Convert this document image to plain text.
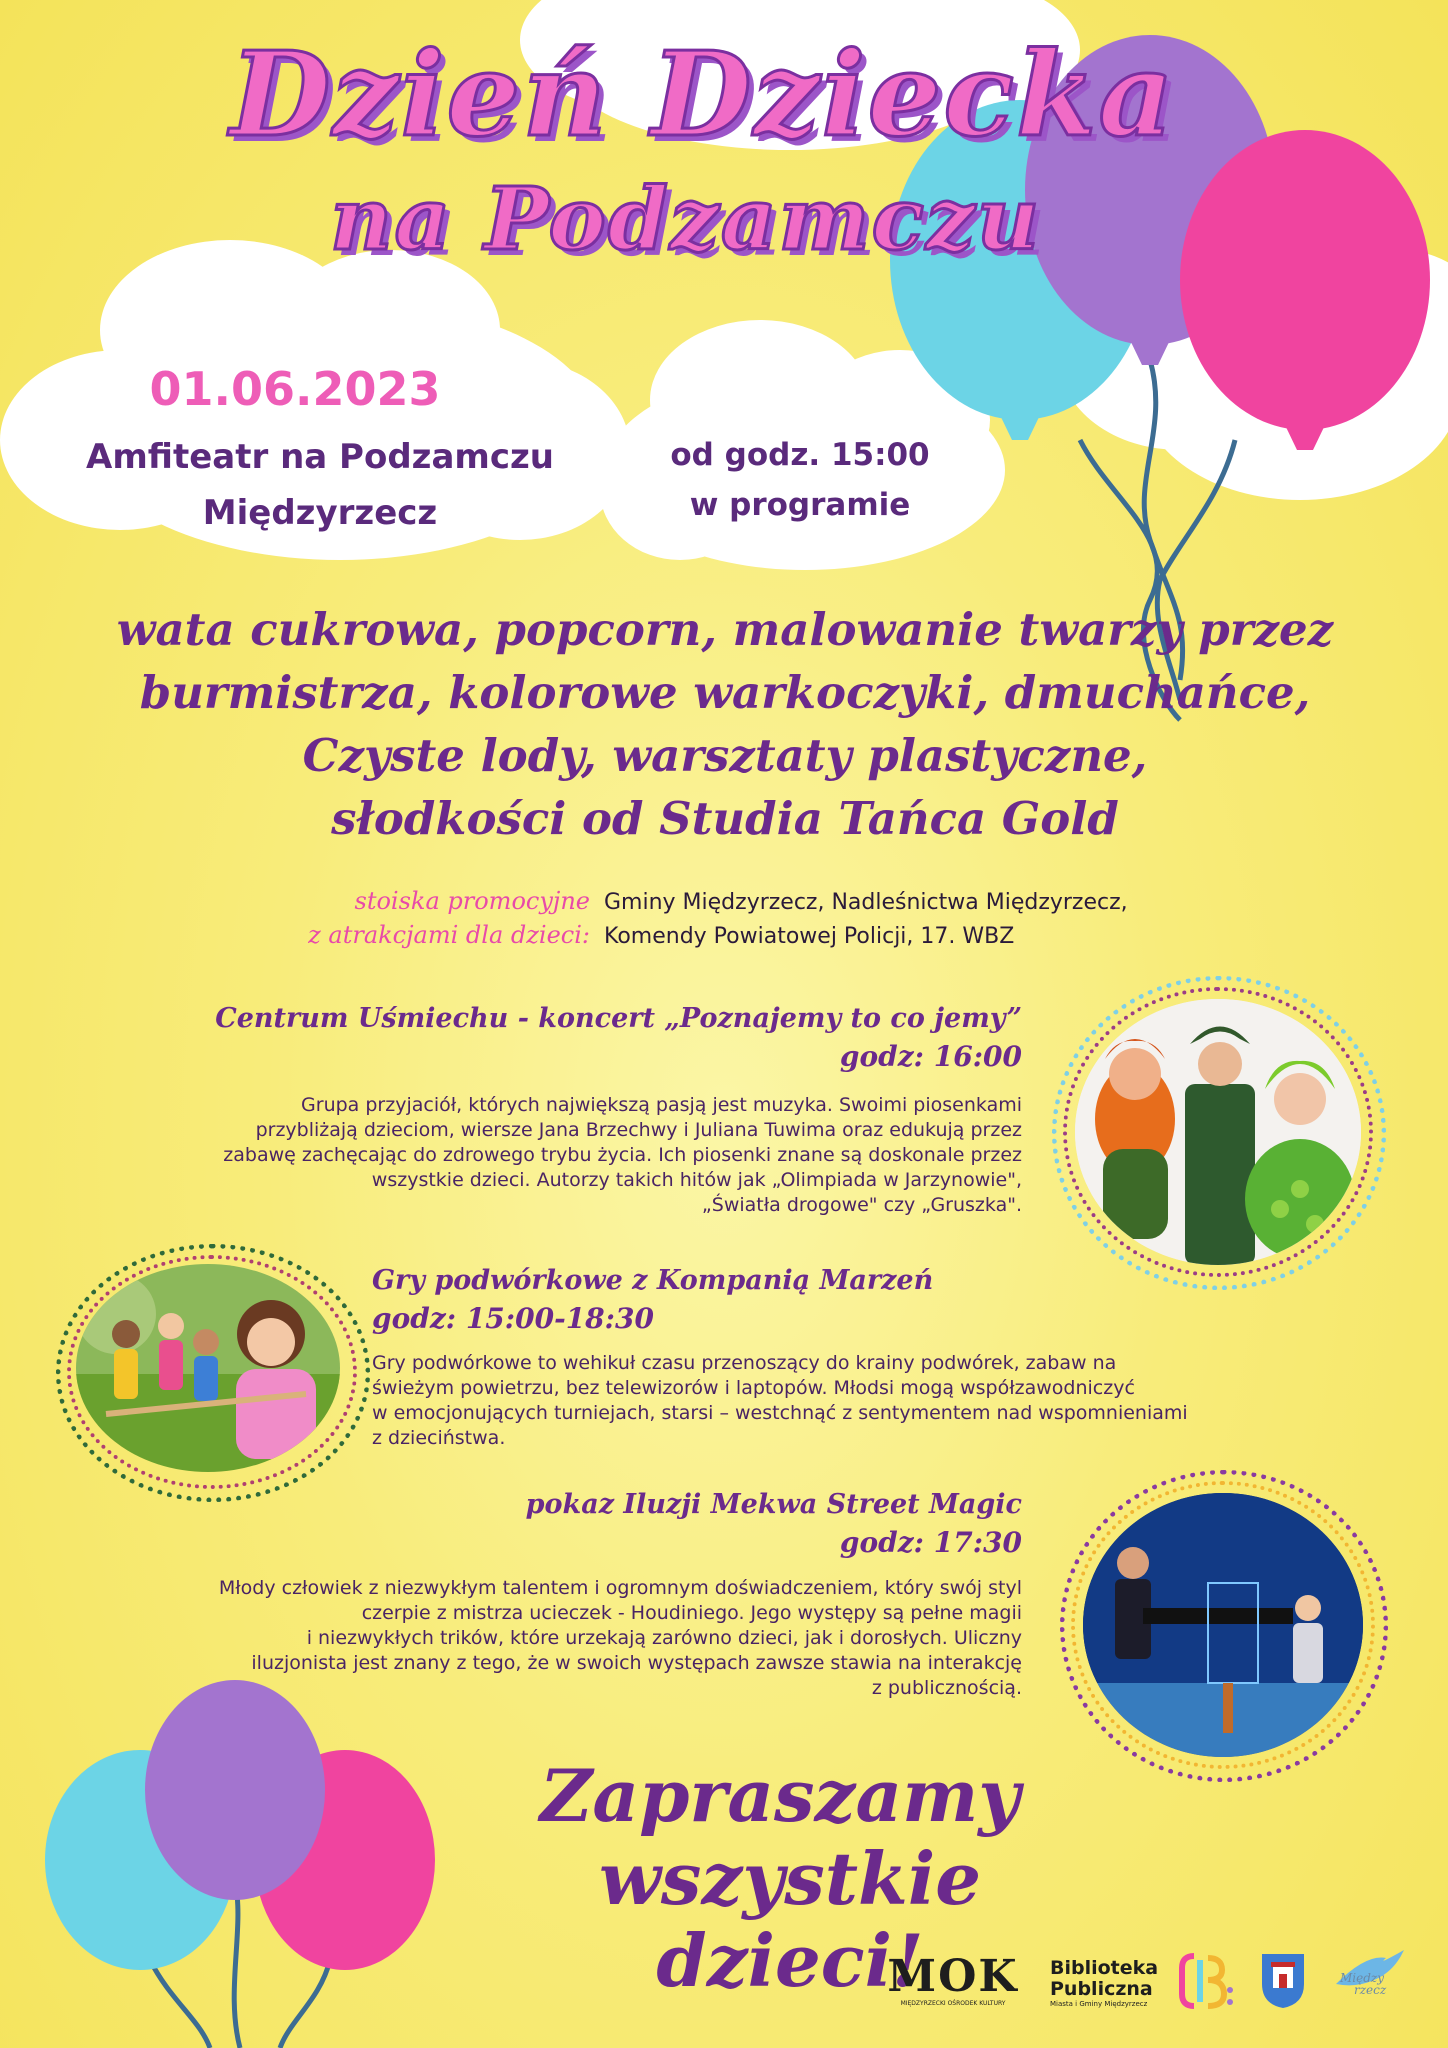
Dzień Dziecka
na Podzamczu
01.06.2023
Amfiteatr na Podzamczu
Międzyrzecz
od godz. 15:00
w programie
wata cukrowa, popcorn, malowanie twarzy przez
burmistrza, kolorowe warkoczyki, dmuchańce,
Czyste lody, warsztaty plastyczne,
słodkości od Studia Tańca Gold
stoiska promocyjne
z atrakcjami dla dzieci:
Gminy Międzyrzecz, Nadleśnictwa Międzyrzecz,
Komendy Powiatowej Policji, 17. WBZ
Centrum Uśmiechu - koncert „Poznajemy to co jemy”
godz: 16:00
Grupa przyjaciół, których największą pasją jest muzyka. Swoimi piosenkami
przybliżają dzieciom, wiersze Jana Brzechwy i Juliana Tuwima oraz edukują przez
zabawę zachęcając do zdrowego trybu życia. Ich piosenki znane są doskonale przez
wszystkie dzieci. Autorzy takich hitów jak „Olimpiada w Jarzynowie",
„Światła drogowe" czy „Gruszka".
Gry podwórkowe z Kompanią Marzeń
godz: 15:00-18:30
Gry podwórkowe to wehikuł czasu przenoszący do krainy podwórek, zabaw na
świeżym powietrzu, bez telewizorów i laptopów. Młodsi mogą współzawodniczyć
w emocjonujących turniejach, starsi – westchnąć z sentymentem nad wspomnieniami
z dzieciństwa.
pokaz Iluzji Mekwa Street Magic
godz: 17:30
Młody człowiek z niezwykłym talentem i ogromnym doświadczeniem, który swój styl
czerpie z mistrza ucieczek - Houdiniego. Jego występy są pełne magii
i niezwykłych trików, które urzekają zarówno dzieci, jak i dorosłych. Uliczny
iluzjonista jest znany z tego, że w swoich występach zawsze stawia na interakcję
z publicznością.
Zapraszamy
wszystkie dzieci!
MOK
MIĘDZYRZECKI OŚRODEK KULTURY
Biblioteka
Publiczna
Miasta i Gminy Międzyrzecz
Między
rzecz
